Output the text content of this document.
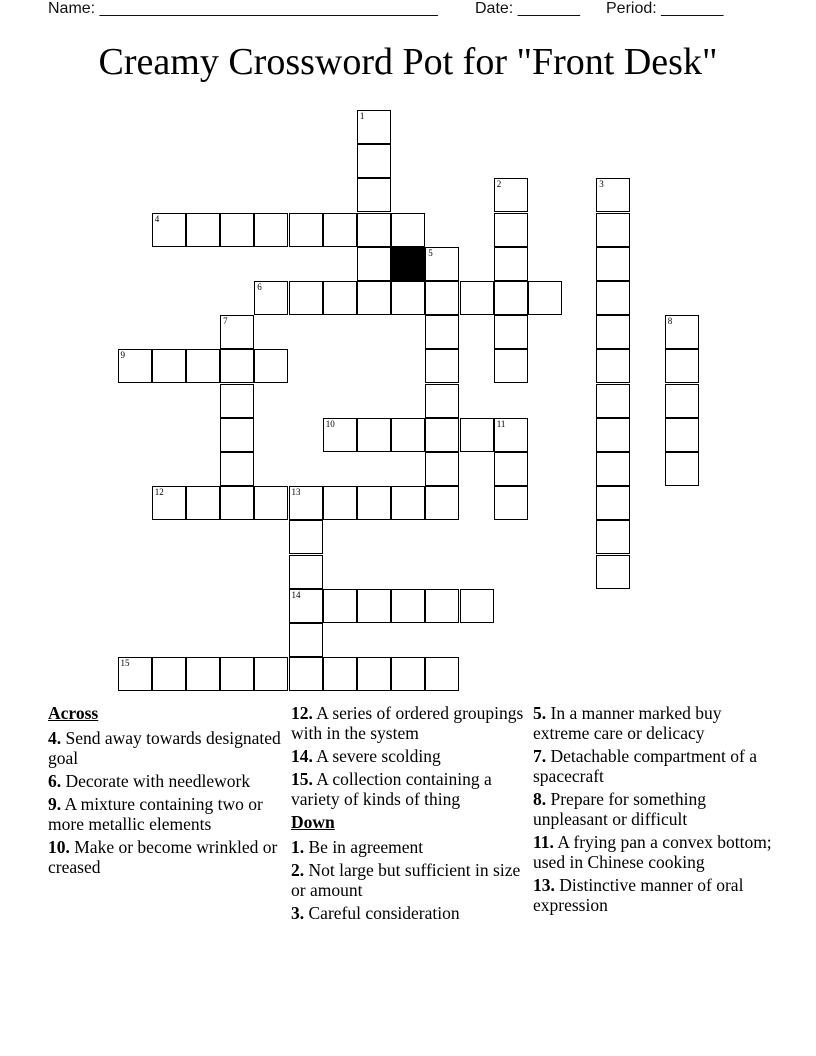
Name: ______________________________________ Date: _______ Period: _______
Creamy Crossword Pot for "Front Desk"
1
2	3
4
5
6
7	8
9
10	11
12	13
14
15
Across
4. Send away towards designated goal
6. Decorate with needlework
9. A mixture containing two or more metallic elements
10. Make or become wrinkled or creased
12. A series of ordered groupings with in the system
14. A severe scolding
15. A collection containing a variety of kinds of thing
Down
1. Be in agreement
2. Not large but sufficient in size or amount
3. Careful consideration
5. In a manner marked buy extreme care or delicacy
7. Detachable compartment of a spacecraft
8. Prepare for something unpleasant or difficult
11. A frying pan a convex bottom; used in Chinese cooking
13. Distinctive manner of oral expression
